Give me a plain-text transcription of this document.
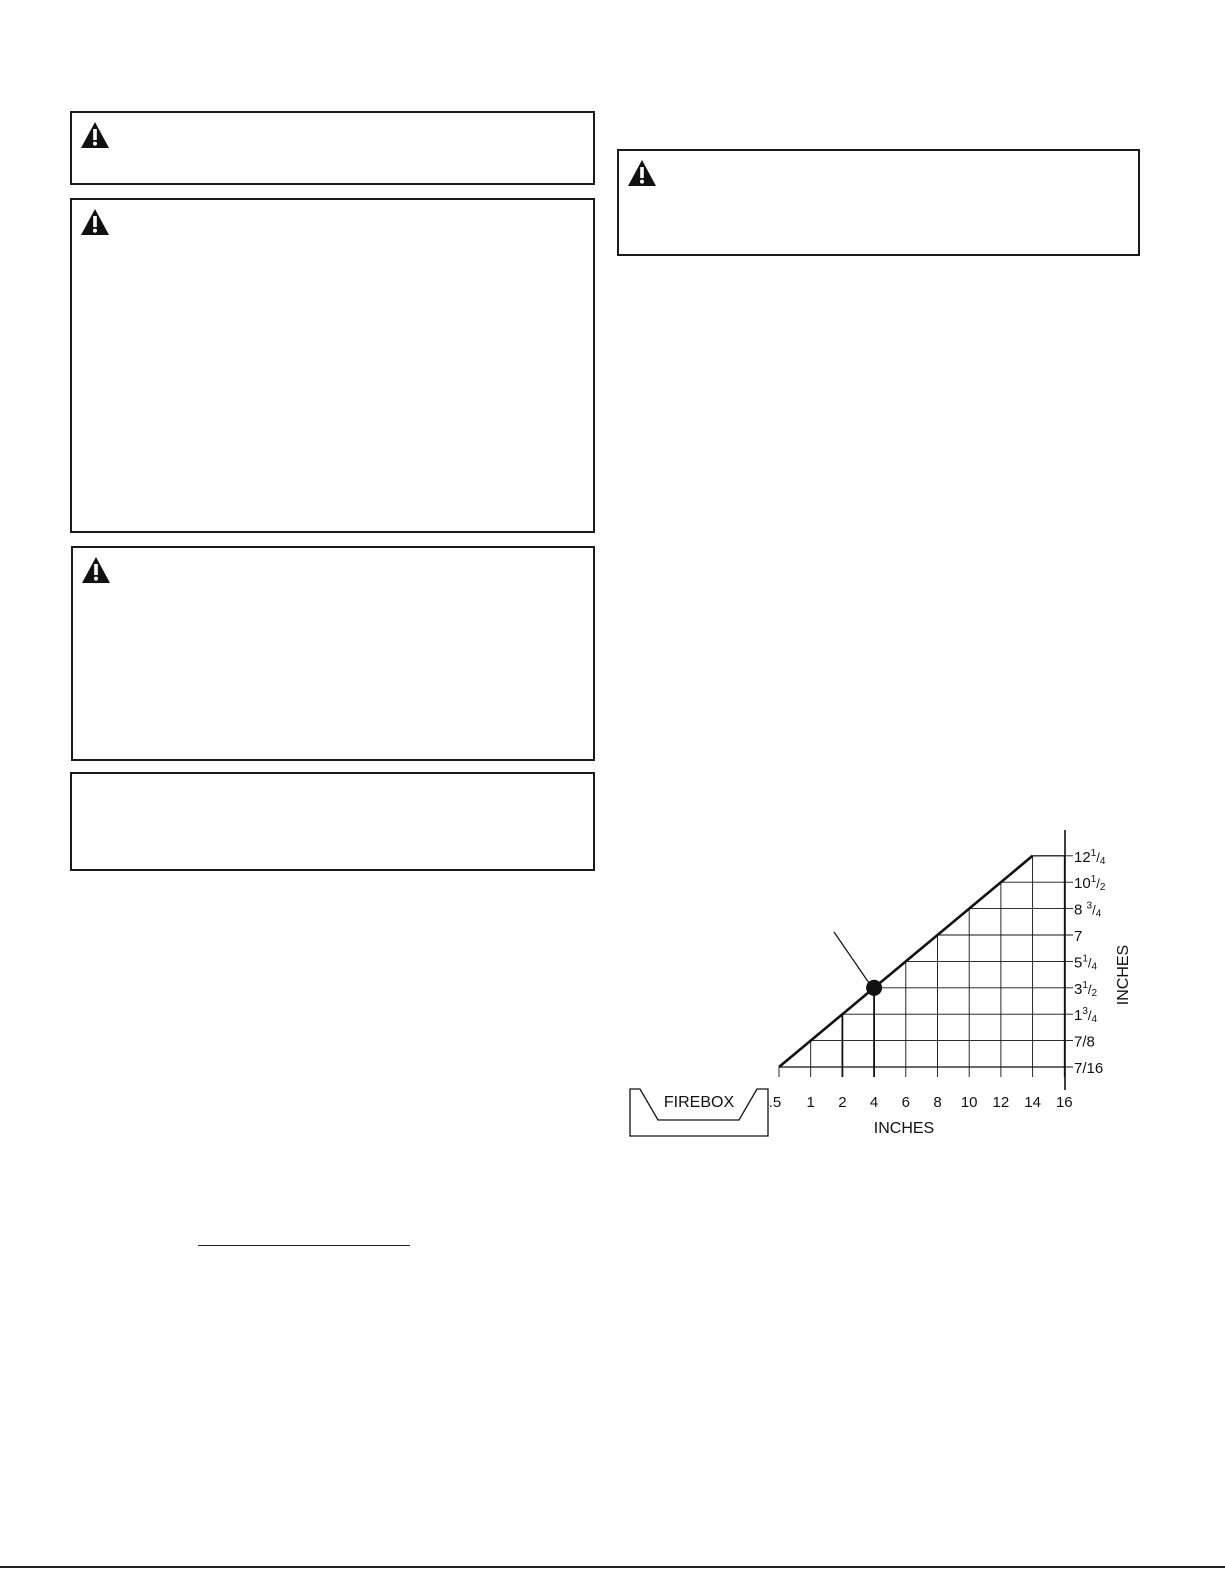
.5 1 2 4 6 8 10 12 14 16
7/16
7/8
$1^3/4$
$3^1/2$
$5^1/4$
7
8 $^3$/4
$10^1/2$
$12^1/4$
FIREBOX
INCHES
INCHES
